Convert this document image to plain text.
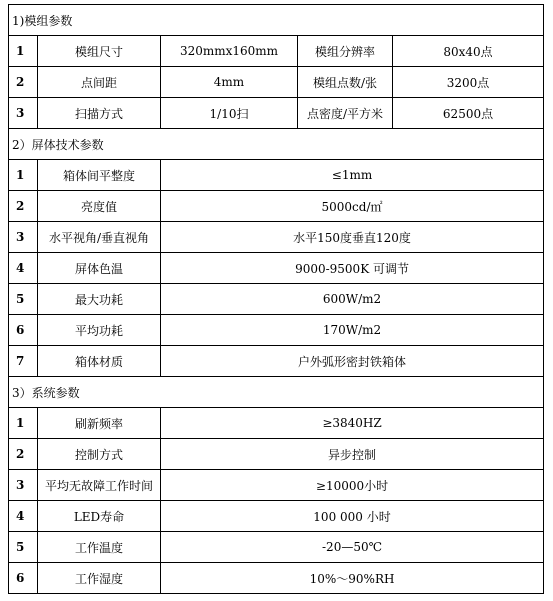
1)模组参数				
1	模组尺寸	320mmx160mm	模组分辨率	80x40点
2	点间距	4mm	模组点数/张	3200点
3	扫描方式	1/10扫	点密度/平方米	62500点
2）屏体技术参数				
1	箱体间平整度	≤1mm		
2	亮度值	5000cd/㎡		
3	水平视角/垂直视角	水平150度垂直120度		
4	屏体色温	9000-9500K 可调节		
5	最大功耗	600W/m2		
6	平均功耗	170W/m2		
7	箱体材质	户外弧形密封铁箱体		
3）系统参数				
1	刷新频率	≥3840HZ		
2	控制方式	异步控制		
3	平均无故障工作时间	≥10000小时		
4	LED寿命	100 000 小时		
5	工作温度	-20—50℃		
6	工作湿度	10%～90%RH		
